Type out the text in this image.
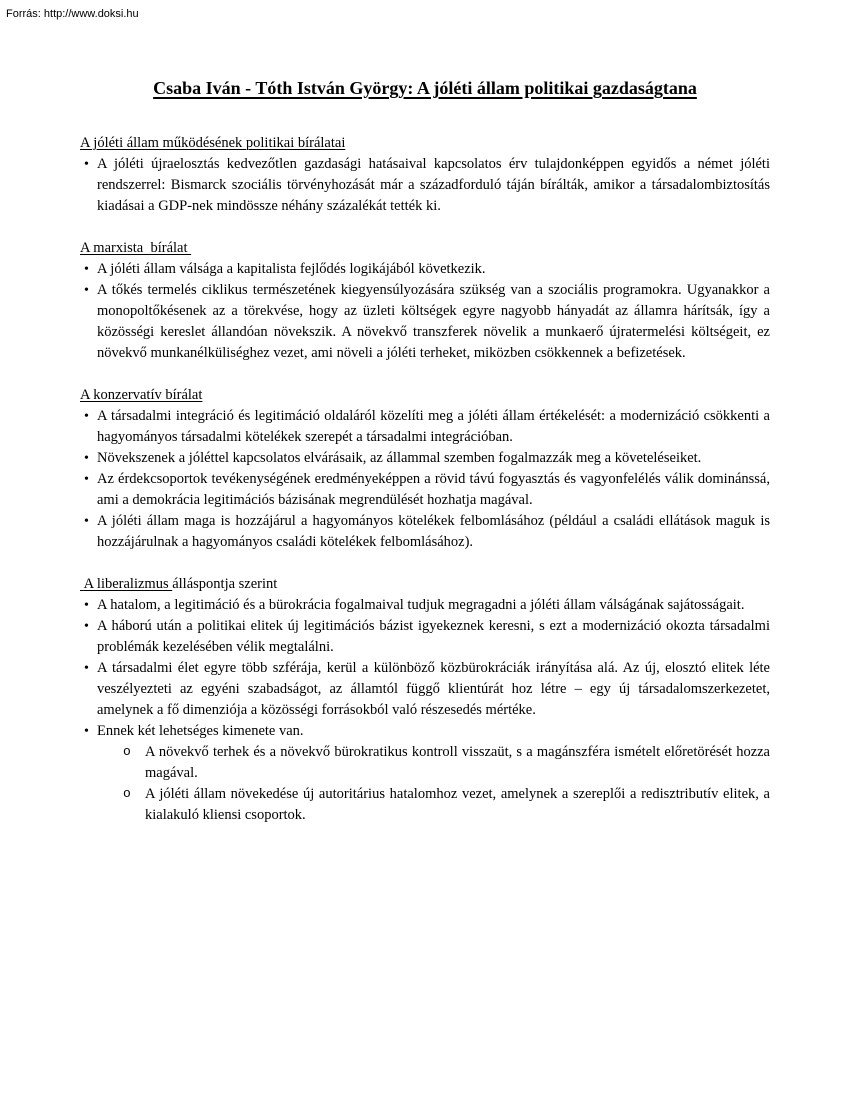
Forrás: http://www.doksi.hu
Csaba Iván - Tóth István György: A jóléti állam politikai gazdaságtana
A jóléti állam működésének politikai bírálatai
• A jóléti újraelosztás kedvezőtlen gazdasági hatásaival kapcsolatos érv tulajdonképpen egyidős a német jóléti rendszerrel: Bismarck szociális törvényhozását már a századforduló táján bírálták, amikor a társadalombiztosítás kiadásai a GDP-nek mindössze néhány százalékát tették ki.
A marxista  bírálat
• A jóléti állam válsága a kapitalista fejlődés logikájából következik.
• A tőkés termelés ciklikus természetének kiegyensúlyozására szükség van a szociális programokra. Ugyanakkor a monopoltőkésenek az a törekvése, hogy az üzleti költségek egyre nagyobb hányadát az államra hárítsák, így a közösségi kereslet állandóan növekszik. A növekvő transzferek növelik a munkaerő újratermelési költségeit, ez növekvő munkanélküliséghez vezet, ami növeli a jóléti terheket, miközben csökkennek a befizetések.
A konzervatív bírálat
• A társadalmi integráció és legitimáció oldaláról közelíti meg a jóléti állam értékelését: a modernizáció csökkenti a hagyományos társadalmi kötelékek szerepét a társadalmi integrációban.
• Növekszenek a jóléttel kapcsolatos elvárásaik, az állammal szemben fogalmazzák meg a követeléseiket.
• Az érdekcsoportok tevékenységének eredményeképpen a rövid távú fogyasztás és vagyonfelélés válik dominánssá, ami a demokrácia legitimációs bázisának megrendülését hozhatja magával.
• A jóléti állam maga is hozzájárul a hagyományos kötelékek felbomlásához (például a családi ellátások maguk is hozzájárulnak a hagyományos családi kötelékek felbomlásához).
A liberalizmus álláspontja szerint
• A hatalom, a legitimáció és a bürokrácia fogalmaival tudjuk megragadni a jóléti állam válságának sajátosságait.
• A háború után a politikai elitek új legitimációs bázist igyekeznek keresni, s ezt a modernizáció okozta társadalmi problémák kezelésében vélik megtalálni.
• A társadalmi élet egyre több szférája, kerül a különböző közbürokráciák irányítása alá. Az új, elosztó elitek léte veszélyezteti az egyéni szabadságot, az államtól függő klientúrát hoz létre – egy új társadalomszerkezetet, amelynek a fő dimenziója a közösségi forrásokból való részesedés mértéke.
• Ennek két lehetséges kimenete van.
o A növekvő terhek és a növekvő bürokratikus kontroll visszaüt, s a magánszféra ismételt előretörését hozza magával.
o A jóléti állam növekedése új autoritárius hatalomhoz vezet, amelynek a szereplői a redisztributív elitek, a kialakuló kliensi csoportok.
